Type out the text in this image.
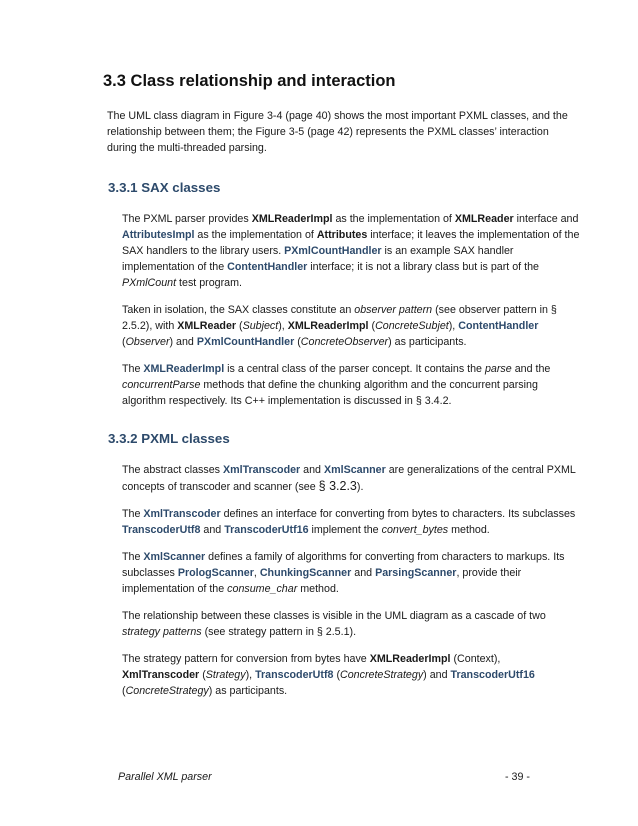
3.3 Class relationship and interaction

The UML class diagram in Figure 3-4 (page 40) shows the most important PXML classes, and the relationship between them; the Figure 3-5 (page 42) represents the PXML classes’ interaction during the multi-threaded parsing.

3.3.1 SAX classes

The PXML parser provides XMLReaderImpl as the implementation of XMLReader interface and AttributesImpl as the implementation of Attributes interface; it leaves the implementation of the SAX handlers to the library users. PXmlCountHandler is an example SAX handler implementation of the ContentHandler interface; it is not a library class but is part of the PXmlCount test program.

Taken in isolation, the SAX classes constitute an observer pattern (see observer pattern in § 2.5.2), with XMLReader (Subject), XMLReaderImpl (ConcreteSubjet), ContentHandler (Observer) and PXmlCountHandler (ConcreteObserver) as participants.

The XMLReaderImpl is a central class of the parser concept. It contains the parse and the concurrentParse methods that define the chunking algorithm and the concurrent parsing algorithm respectively. Its C++ implementation is discussed in § 3.4.2.

3.3.2 PXML classes

The abstract classes XmlTranscoder and XmlScanner are generalizations of the central PXML concepts of transcoder and scanner (see § 3.2.3).

The XmlTranscoder defines an interface for converting from bytes to characters. Its subclasses TranscoderUtf8 and TranscoderUtf16 implement the convert_bytes method.

The XmlScanner defines a family of algorithms for converting from characters to markups. Its subclasses PrologScanner, ChunkingScanner and ParsingScanner, provide their implementation of the consume_char method.

The relationship between these classes is visible in the UML diagram as a cascade of two strategy patterns (see strategy pattern in § 2.5.1).

The strategy pattern for conversion from bytes have XMLReaderImpl (Context), XmlTranscoder (Strategy), TranscoderUtf8 (ConcreteStrategy) and TranscoderUtf16 (ConcreteStrategy) as participants.

Parallel XML parser	- 39 -
